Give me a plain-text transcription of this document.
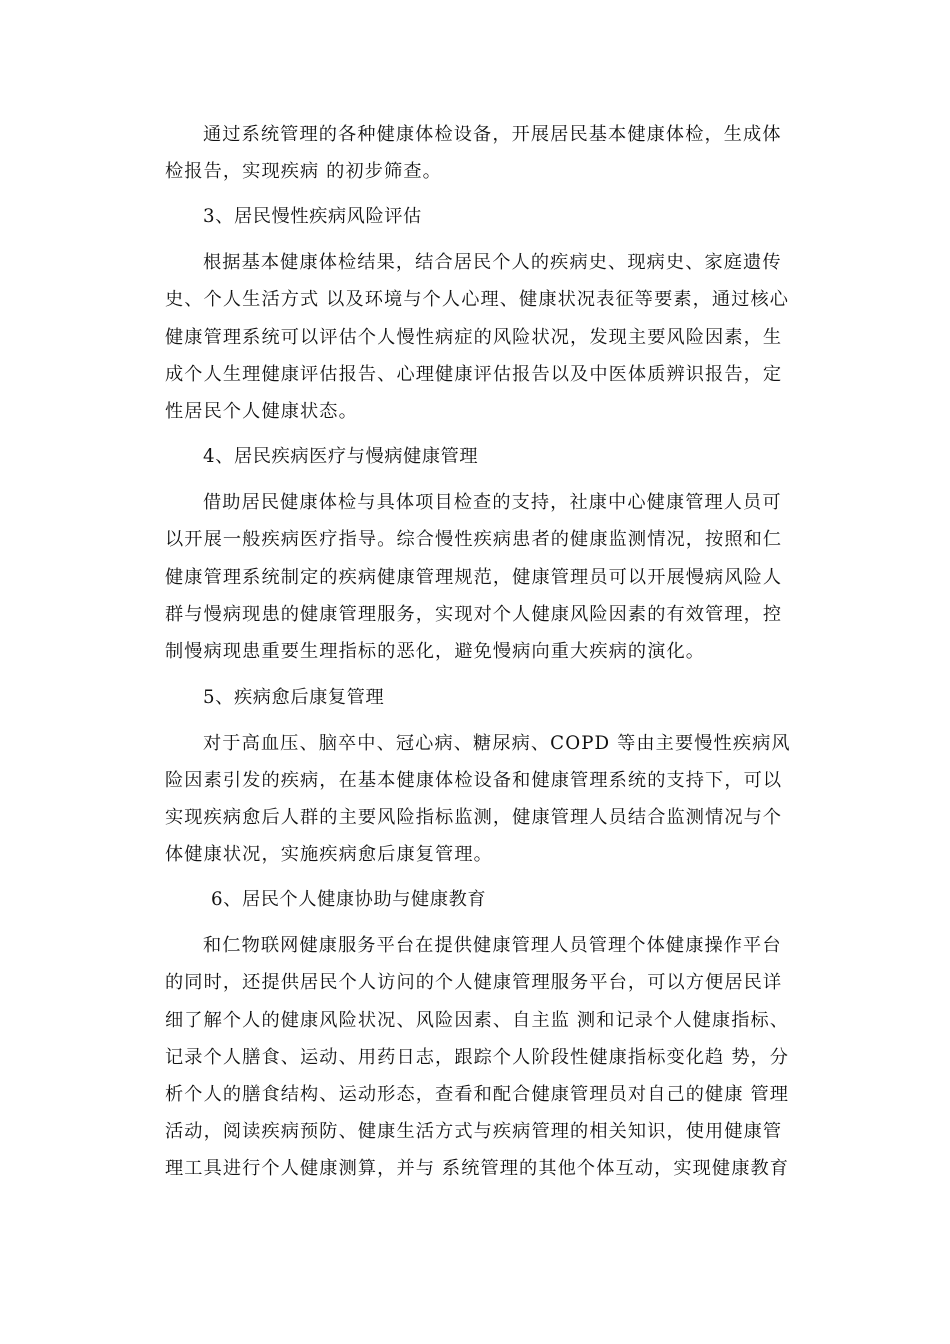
通过系统管理的各种健康体检设备，开展居民基本健康体检，生成体
检报告，实现疾病 的初步筛查。
3、居民慢性疾病风险评估
根据基本健康体检结果，结合居民个人的疾病史、现病史、家庭遗传
史、个人生活方式 以及环境与个人心理、健康状况表征等要素，通过核心
健康管理系统可以评估个人慢性病症的风险状况，发现主要风险因素，生
成个人生理健康评估报告、心理健康评估报告以及中医体质辨识报告，定
性居民个人健康状态。
4、居民疾病医疗与慢病健康管理
借助居民健康体检与具体项目检查的支持，社康中心健康管理人员可
以开展一般疾病医疗指导。综合慢性疾病患者的健康监测情况，按照和仁
健康管理系统制定的疾病健康管理规范，健康管理员可以开展慢病风险人
群与慢病现患的健康管理服务，实现对个人健康风险因素的有效管理，控
制慢病现患重要生理指标的恶化，避免慢病向重大疾病的演化。
5、疾病愈后康复管理
对于高血压、脑卒中、冠心病、糖尿病、COPD 等由主要慢性疾病风
险因素引发的疾病，在基本健康体检设备和健康管理系统的支持下，可以
实现疾病愈后人群的主要风险指标监测，健康管理人员结合监测情况与个
体健康状况，实施疾病愈后康复管理。
6、居民个人健康协助与健康教育
和仁物联网健康服务平台在提供健康管理人员管理个体健康操作平台
的同时，还提供居民个人访问的个人健康管理服务平台，可以方便居民详
细了解个人的健康风险状况、风险因素、自主监 测和记录个人健康指标、
记录个人膳食、运动、用药日志，跟踪个人阶段性健康指标变化趋 势，分
析个人的膳食结构、运动形态，查看和配合健康管理员对自己的健康 管理
活动，阅读疾病预防、健康生活方式与疾病管理的相关知识，使用健康管
理工具进行个人健康测算，并与 系统管理的其他个体互动，实现健康教育
